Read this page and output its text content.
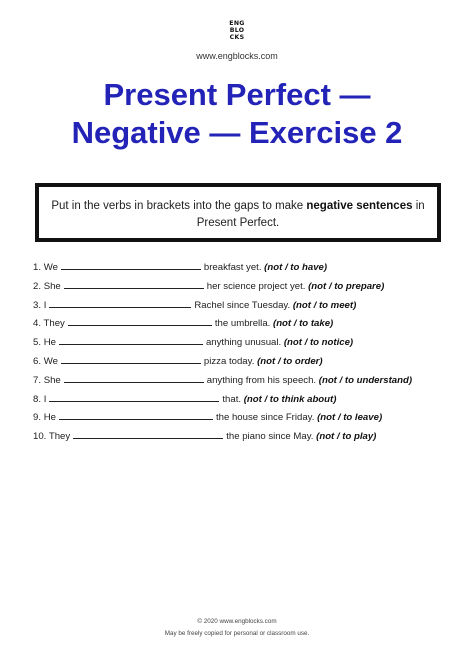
ENG
BLO
CKS
www.engblocks.com
Present Perfect —
Negative — Exercise 2
Put in the verbs in brackets into the gaps to make negative sentences in Present Perfect.
1. We	breakfast yet. (not / to have)
2. She	her science project yet. (not / to prepare)
3. I	Rachel since Tuesday. (not / to meet)
4. They	the umbrella. (not / to take)
5. He	anything unusual. (not / to notice)
6. We	pizza today. (not / to order)
7. She	anything from his speech. (not / to understand)
8. I	that. (not / to think about)
9. He	the house since Friday. (not / to leave)
10. They	the piano since May. (not / to play)
© 2020 www.engblocks.com
May be freely copied for personal or classroom use.
